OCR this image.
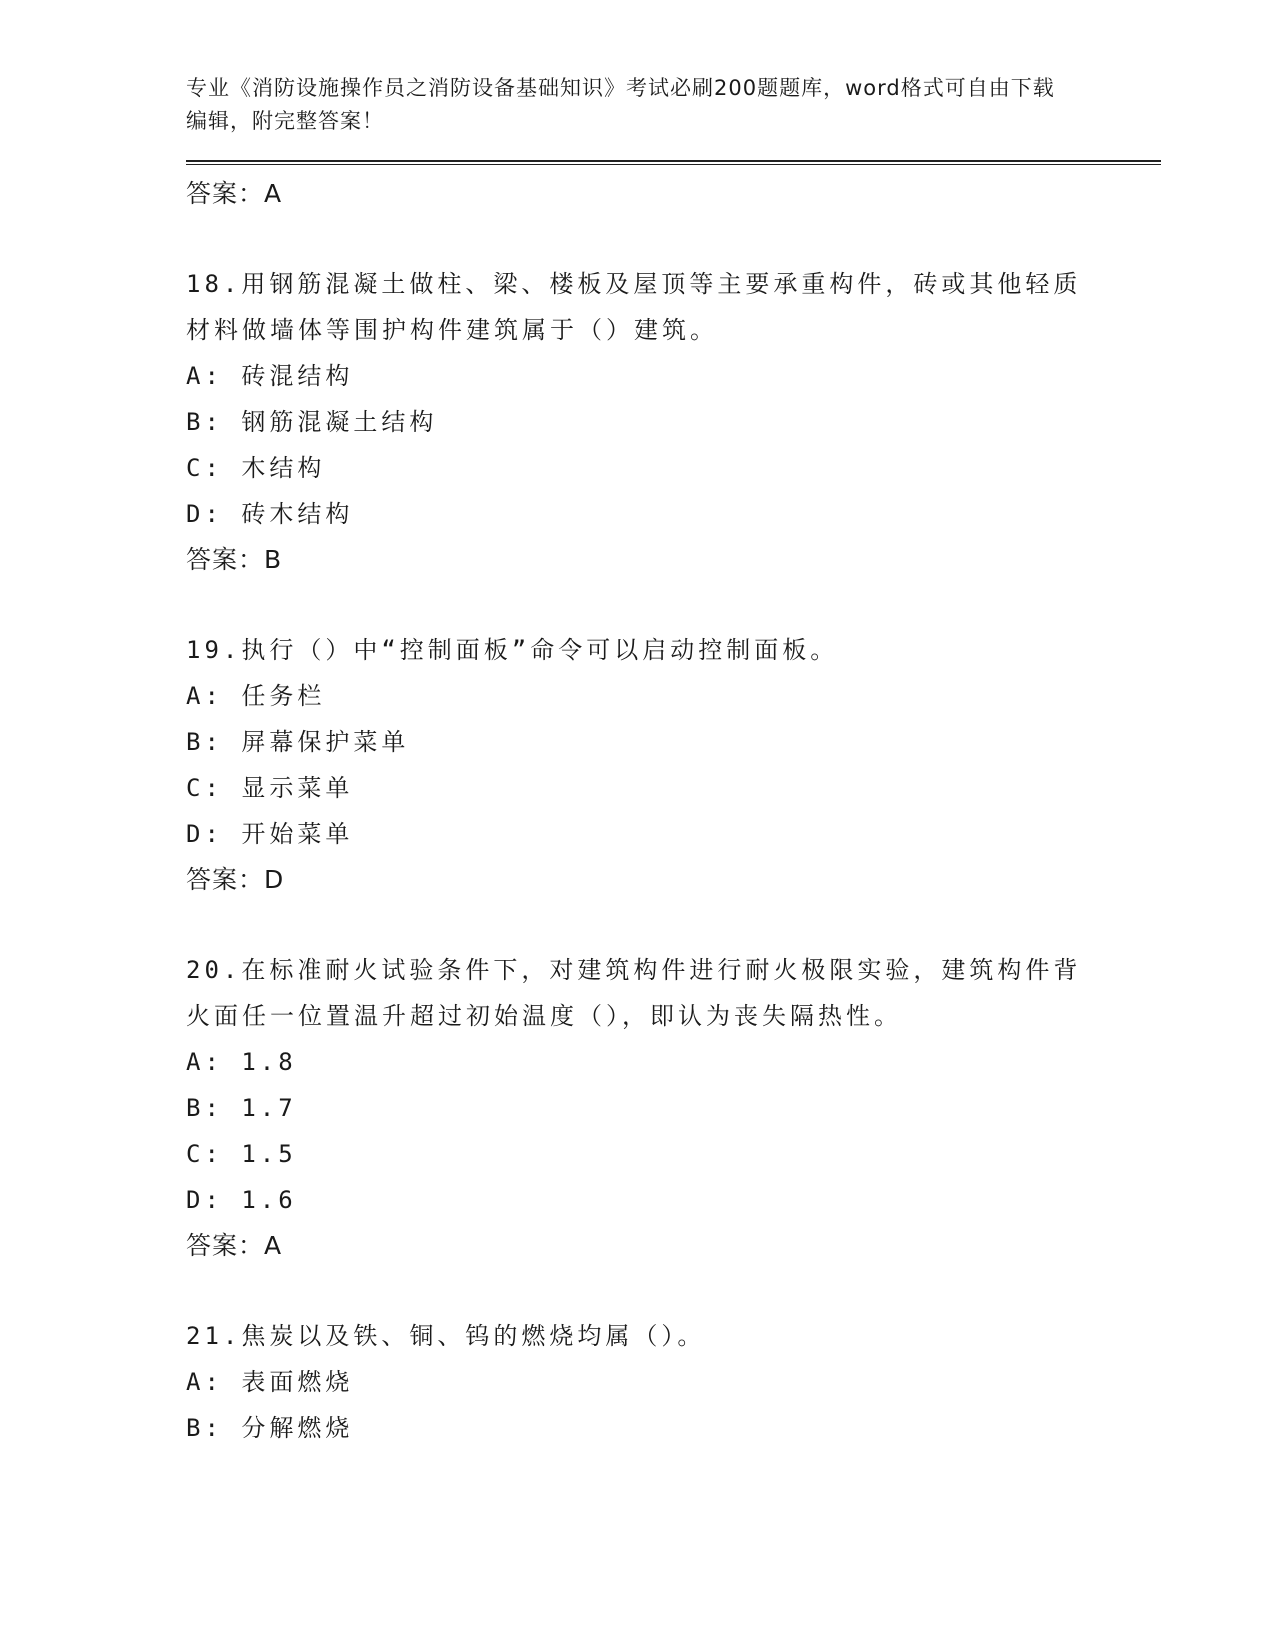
专业《消防设施操作员之消防设备基础知识》考试必刷200题题库，word格式可自由下载编辑，附完整答案！

答案：A

18.用钢筋混凝土做柱、梁、楼板及屋顶等主要承重构件，砖或其他轻质材料做墙体等围护构件建筑属于（）建筑。

A: 砖混结构

B: 钢筋混凝土结构

C: 木结构

D: 砖木结构

答案：B

19.执行（）中“控制面板”命令可以启动控制面板。

A: 任务栏

B: 屏幕保护菜单

C: 显示菜单

D: 开始菜单

答案：D

20.在标准耐火试验条件下，对建筑构件进行耐火极限实验，建筑构件背火面任一位置温升超过初始温度（），即认为丧失隔热性。

A: 1.8

B: 1.7

C: 1.5

D: 1.6

答案：A

21.焦炭以及铁、铜、钨的燃烧均属（）。

A: 表面燃烧

B: 分解燃烧
